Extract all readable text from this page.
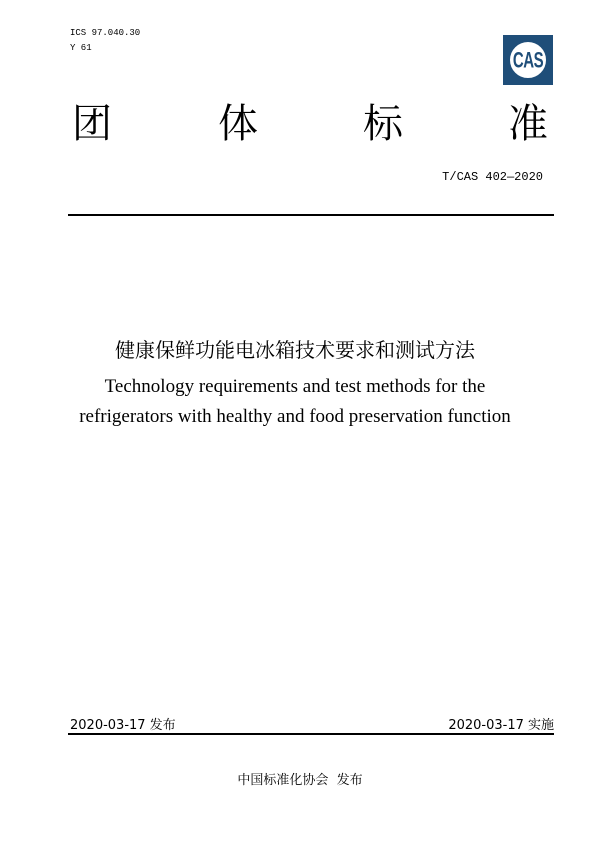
ICS 97.040.30
Y 61	CAS
团	体	标	准
T/CAS 402—2020
健康保鲜功能电冰箱技术要求和测试方法
Technology requirements and test methods for the
refrigerators with healthy and food preservation function
2020-03-17 发布	2020-03-17 实施
中国标准化协会  发布
